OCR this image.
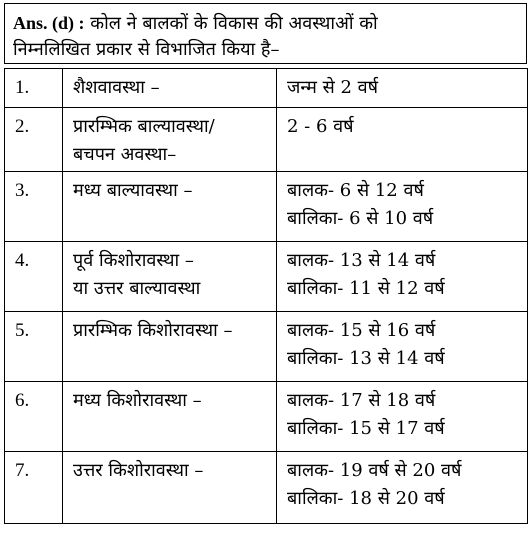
Ans. (d) : कोल ने बालकों के विकास की अवस्थाओं को
निम्नलिखित प्रकार से विभाजित किया है–
1.	शैशवावस्था –	जन्म से 2 वर्ष

2.	प्रारम्भिक बाल्यावस्था/
बचपन अवस्था–	2 - 6 वर्ष

3.	मध्य बाल्यावस्था –	बालक- 6 से 12 वर्ष
बालिका- 6 से 10 वर्ष

4.	पूर्व किशोरावस्था –
या उत्तर बाल्यावस्था	बालक- 13 से 14 वर्ष
बालिका- 11 से 12 वर्ष

5.	प्रारम्भिक किशोरावस्था –	बालक- 15 से 16 वर्ष
बालिका- 13 से 14 वर्ष

6.	मध्य किशोरावस्था –	बालक- 17 से 18 वर्ष
बालिका- 15 से 17 वर्ष

7.	उत्तर किशोरावस्था –	बालक- 19 वर्ष से 20 वर्ष
बालिका- 18 से 20 वर्ष
